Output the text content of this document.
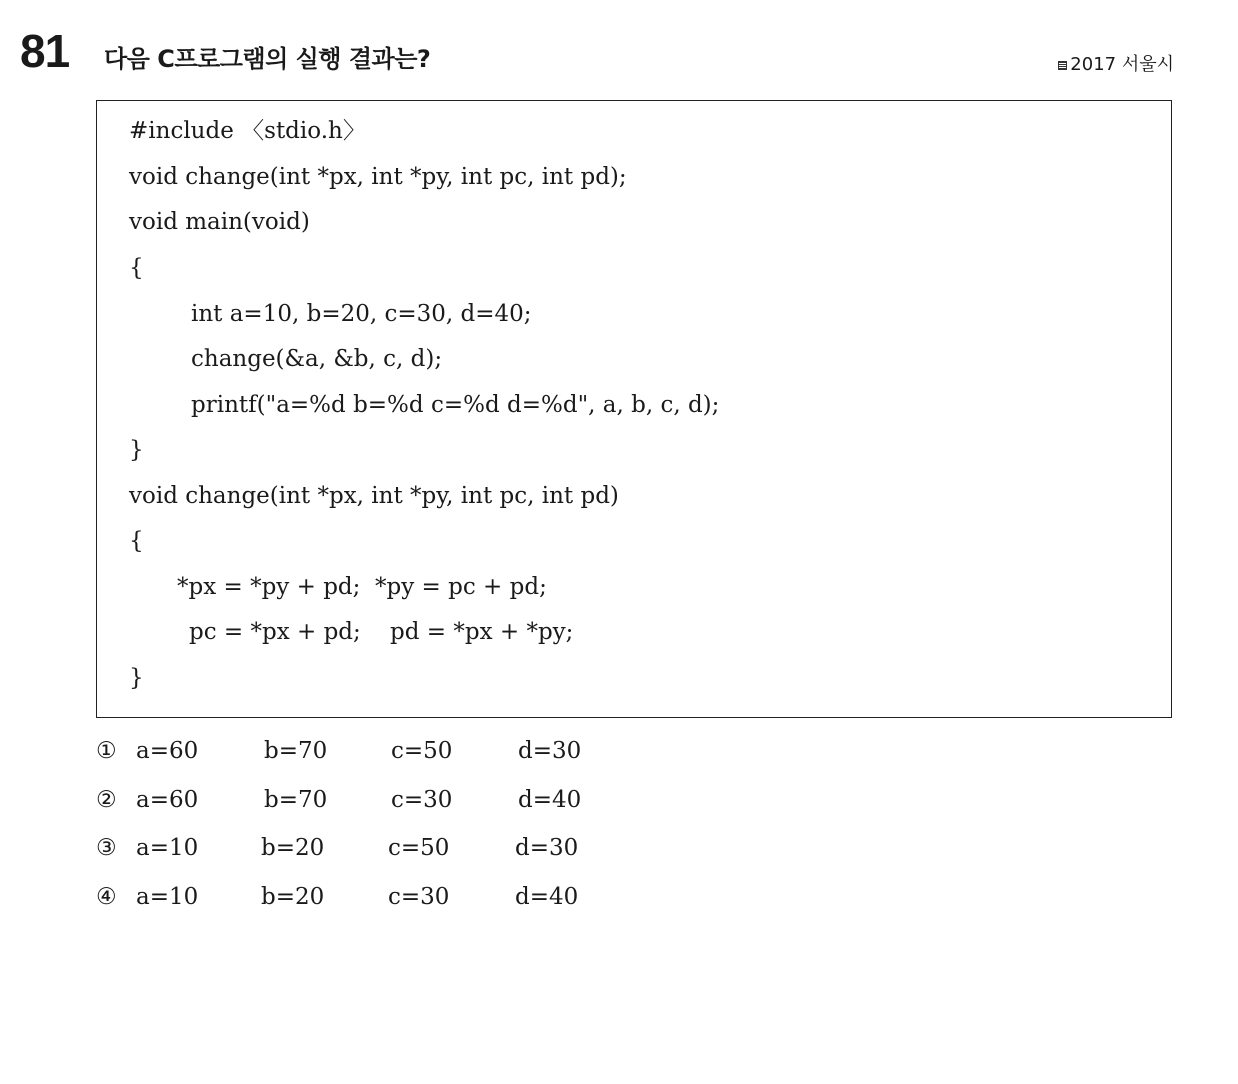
81 다음 C프로그램의 실행 결과는?	2017 서울시
#include 〈stdio.h〉
void change(int *px, int *py, int pc, int pd);
void main(void)
{
int a=10, b=20, c=30, d=40;
change(&a, &b, c, d);
printf("a=%d b=%d c=%d d=%d", a, b, c, d);
}
void change(int *px, int *py, int pc, int pd)
{
*px = *py + pd;  *py = pc + pd;
pc = *px + pd;    pd = *px + *py;
}

①

a=60

	b=70

	c=50

	d=30

②

a=60

	b=70

	c=30

	d=40

③

a=10

	b=20

	c=50

	d=30

④

a=10

	b=20

	c=30

	d=40
